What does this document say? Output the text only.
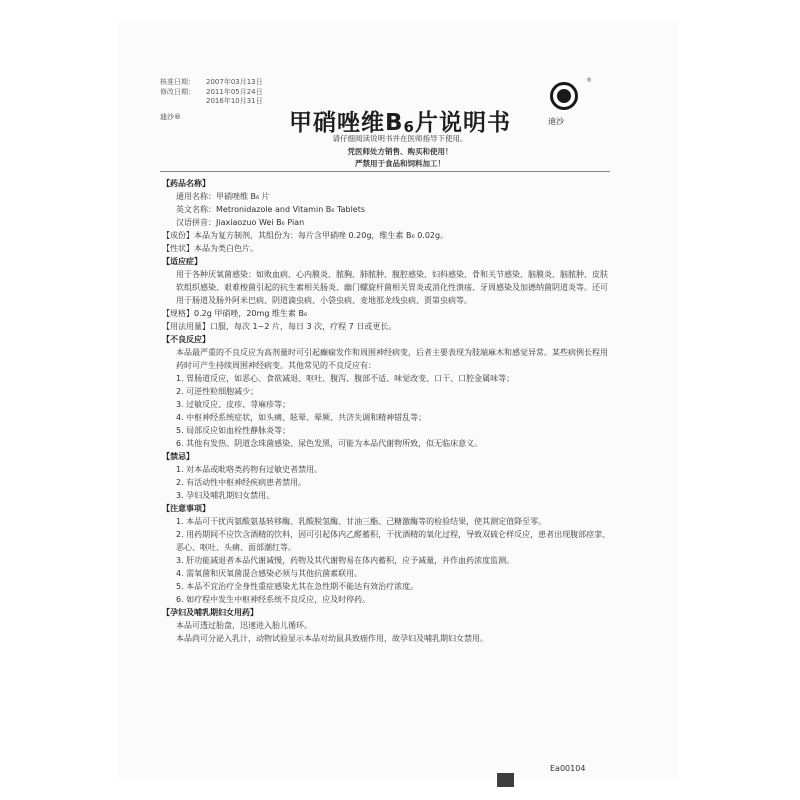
核准日期：	2007年03月13日
修改日期：	2011年05月24日
2016年10月31日
迪沙®	甲硝唑维$B_6$片说明书
请仔细阅读说明书并在医师指导下使用。
凭医师处方销售、购买和使用！
严禁用于食品和饲料加工！
®
迪沙
【药品名称】
通用名称：甲硝唑维 B₆ 片
英文名称：Metronidazole and Vitamin B₆ Tablets
汉语拼音：Jiaxiaozuo Wei B₆ Pian
【成份】本品为复方制剂，其组份为：每片含甲硝唑 0.20g，维生素 B₆ 0.02g。
【性状】本品为类白色片。
【适应症】
用于各种厌氧菌感染：如败血病、心内膜炎、脓胸、肺脓肿、腹腔感染、妇科感染、骨和关节感染、脑膜炎、脑脓肿、皮肤软组织感染、艰难梭菌引起的抗生素相关肠炎、幽门螺旋杆菌相关胃炎或消化性溃疡、牙周感染及加德纳菌阴道炎等。还可用于肠道及肠外阿米巴病、阴道滴虫病、小袋虫病、麦地那龙线虫病、贾第虫病等。
【规格】0.2g 甲硝唑，20mg 维生素 B₆
【用法用量】口服，每次 1~2 片，每日 3 次，疗程 7 日或更长。
【不良反应】
本品最严重的不良反应为高剂量时可引起癫痫发作和周围神经病变，后者主要表现为肢端麻木和感觉异常。某些病例长程用药时可产生持续周围神经病变。其他常见的不良反应有：
1. 胃肠道反应，如恶心、食欲减退、呕吐、腹泻、腹部不适、味觉改变、口干、口腔金属味等；
2. 可逆性粒细胞减少；
3. 过敏反应、皮疹、荨麻疹等；
4. 中枢神经系统症状，如头痛、眩晕、晕厥、共济失调和精神错乱等；
5. 局部反应如血栓性静脉炎等；
6. 其他有发热、阴道念珠菌感染、尿色发黑，可能为本品代谢物所致，似无临床意义。
【禁忌】
1. 对本品或吡咯类药物有过敏史者禁用。
2. 有活动性中枢神经疾病患者禁用。
3. 孕妇及哺乳期妇女禁用。
【注意事项】
1. 本品可干扰丙氨酸氨基转移酶、乳酸脱氢酶、甘油三酯、己糖激酶等的检验结果，使其测定值降至零。
2. 用药期间不应饮含酒精的饮料，因可引起体内乙醛蓄积，干扰酒精的氧化过程，导致双硫仑样反应，患者出现腹部痉挛、恶心、呕吐、头痛、面部潮红等。
3. 肝功能减退者本品代谢减慢，药物及其代谢物易在体内蓄积，应予减量，并作血药浓度监测。
4. 需氧菌和厌氧菌混合感染必须与其他抗菌素联用。
5. 本品不宜治疗全身性重症感染尤其在急性期不能达有效治疗浓度。
6. 如疗程中发生中枢神经系统不良反应，应及时停药。
【孕妇及哺乳期妇女用药】
本品可透过胎盘，迅速进入胎儿循环。
本品尚可分泌入乳汁，动物试验显示本品对幼鼠具致癌作用，故孕妇及哺乳期妇女禁用。
Ea00104
